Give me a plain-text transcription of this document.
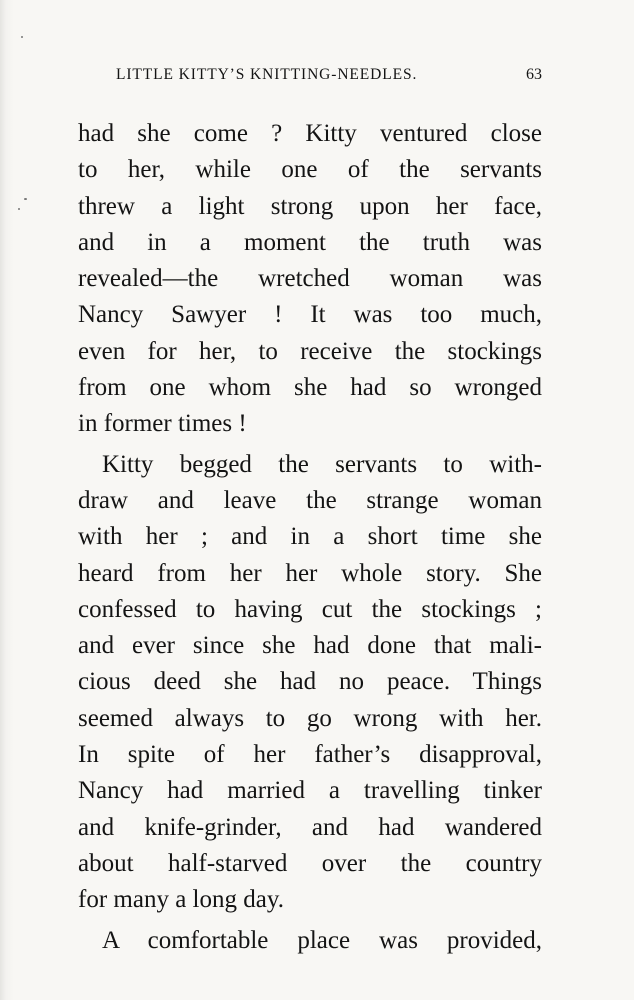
LITTLE KITTY’S KNITTING-NEEDLES.	63

had she come ? Kitty ventured close
to her, while one of the servants
threw a light strong upon her face,
and in a moment the truth was
revealed—the wretched woman was
Nancy Sawyer ! It was too much,
even for her, to receive the stockings
from one whom she had so wronged
in former times !

Kitty begged the servants to with-
draw and leave the strange woman
with her ; and in a short time she
heard from her her whole story. She
confessed to having cut the stockings ;
and ever since she had done that mali-
cious deed she had no peace. Things
seemed always to go wrong with her.
In spite of her father’s disapproval,
Nancy had married a travelling tinker
and knife-grinder, and had wandered
about half-starved over the country
for many a long day.

A comfortable place was provided,
